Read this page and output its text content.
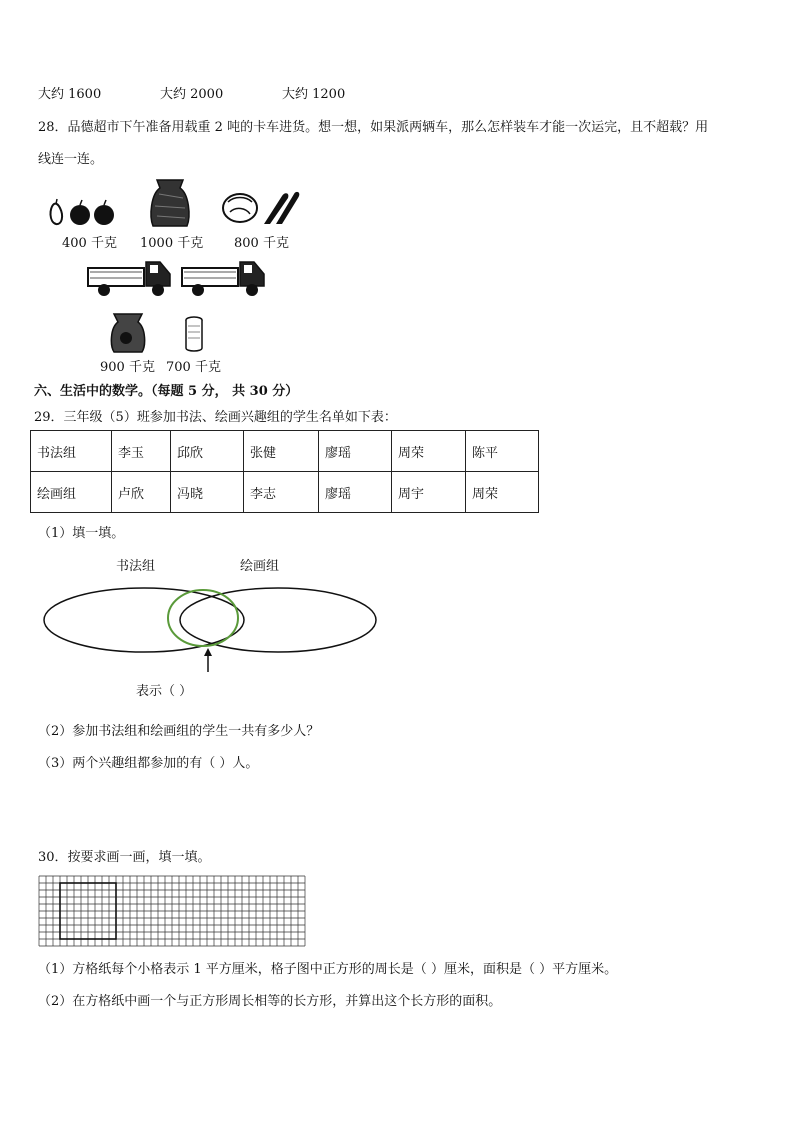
大约 1600	大约 2000	大约 1200
28．品德超市下午准备用载重 2 吨的卡车进货。想一想，如果派两辆车，那么怎样装车才能一次运完，且不超载？用
线连一连。
400 千克 1000 千克 800 千克
900 千克 700 千克
六、生活中的数学。（每题 5 分， 共 30 分）
29．三年级（5）班参加书法、绘画兴趣组的学生名单如下表：
书法组	李玉	邱欣	张健	廖瑶	周荣	陈平
绘画组	卢欣	冯晓	李志	廖瑶	周宇	周荣
（1）填一填。
书法组	绘画组
表示（ ）
（2）参加书法组和绘画组的学生一共有多少人？
（3）两个兴趣组都参加的有（ ）人。
30．按要求画一画，填一填。
（1）方格纸每个小格表示 1 平方厘米，格子图中正方形的周长是（ ）厘米，面积是（ ）平方厘米。
（2）在方格纸中画一个与正方形周长相等的长方形，并算出这个长方形的面积。
